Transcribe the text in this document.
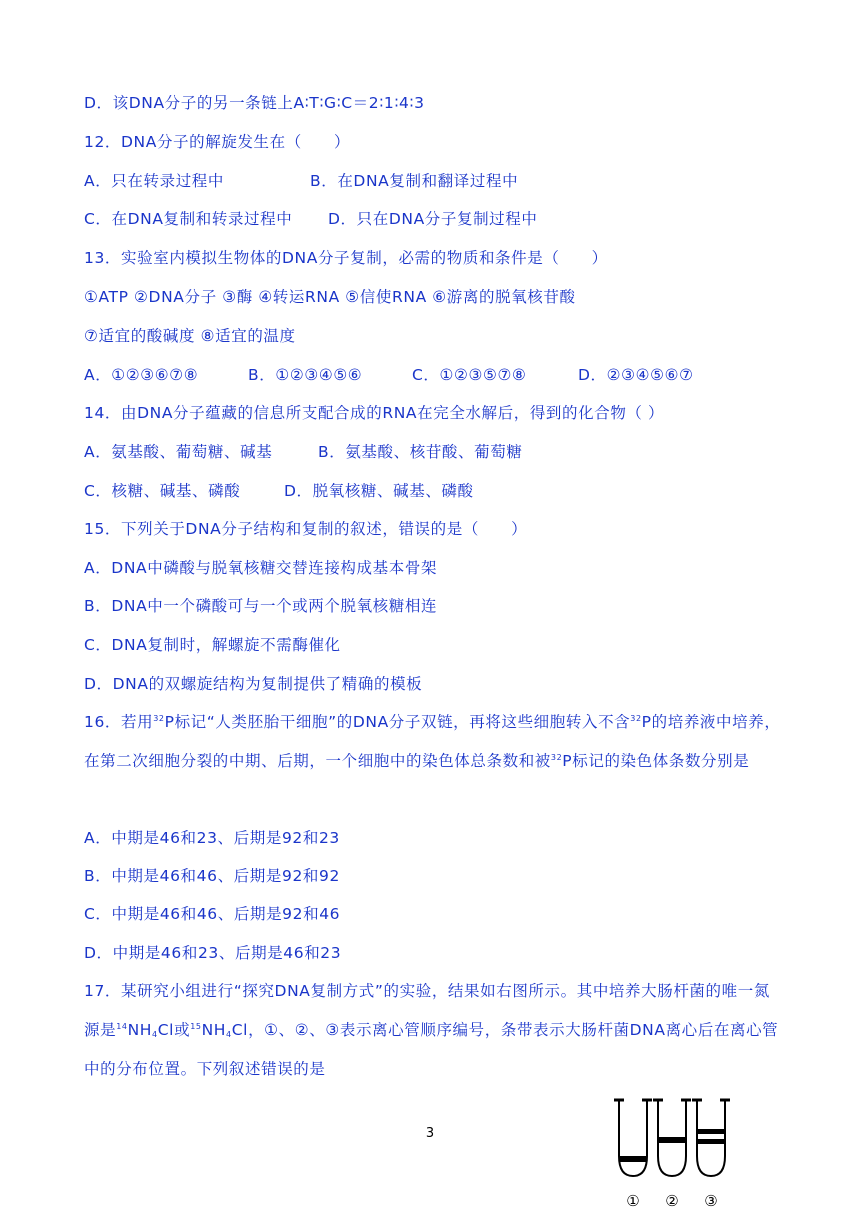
D．该DNA分子的另一条链上A∶T∶G∶C＝2∶1∶4∶3
12．DNA分子的解旋发生在（　　）
A．只在转录过程中	B．在DNA复制和翻译过程中
C．在DNA复制和转录过程中 D．只在DNA分子复制过程中
13．实验室内模拟生物体的DNA分子复制，必需的物质和条件是（　　）
①ATP ②DNA分子 ③酶 ④转运RNA ⑤信使RNA ⑥游离的脱氧核苷酸
⑦适宜的酸碱度 ⑧适宜的温度
A．①②③⑥⑦⑧	B．①②③④⑤⑥	C．①②③⑤⑦⑧	D．②③④⑤⑥⑦
14．由DNA分子蕴藏的信息所支配合成的RNA在完全水解后，得到的化合物（ ）
A．氨基酸、葡萄糖、碱基	B．氨基酸、核苷酸、葡萄糖
C．核糖、碱基、磷酸	D．脱氧核糖、碱基、磷酸
15．下列关于DNA分子结构和复制的叙述，错误的是（　　）
A．DNA中磷酸与脱氧核糖交替连接构成基本骨架
B．DNA中一个磷酸可与一个或两个脱氧核糖相连
C．DNA复制时，解螺旋不需酶催化
D．DNA的双螺旋结构为复制提供了精确的模板
16．若用$^{32}$P标记“人类胚胎干细胞”的DNA分子双链，再将这些细胞转入不含$^{32}$P的培养液中培养，在第二次细胞分裂的中期、后期，一个细胞中的染色体总条数和被$^{32}$P标记的染色体条数分别是
A．中期是46和23、后期是92和23
B．中期是46和46、后期是92和92
C．中期是46和46、后期是92和46
D．中期是46和23、后期是46和23
17．某研究小组进行“探究DNA复制方式”的实验，结果如右图所示。其中培养大肠杆菌的唯一氮源是$^{14}NH_4Cl$或$^{15}NH_4Cl$，①、②、③表示离心管顺序编号，条带表示大肠杆菌DNA离心后在离心管中的分布位置。下列叙述错误的是
3
① ② ③
